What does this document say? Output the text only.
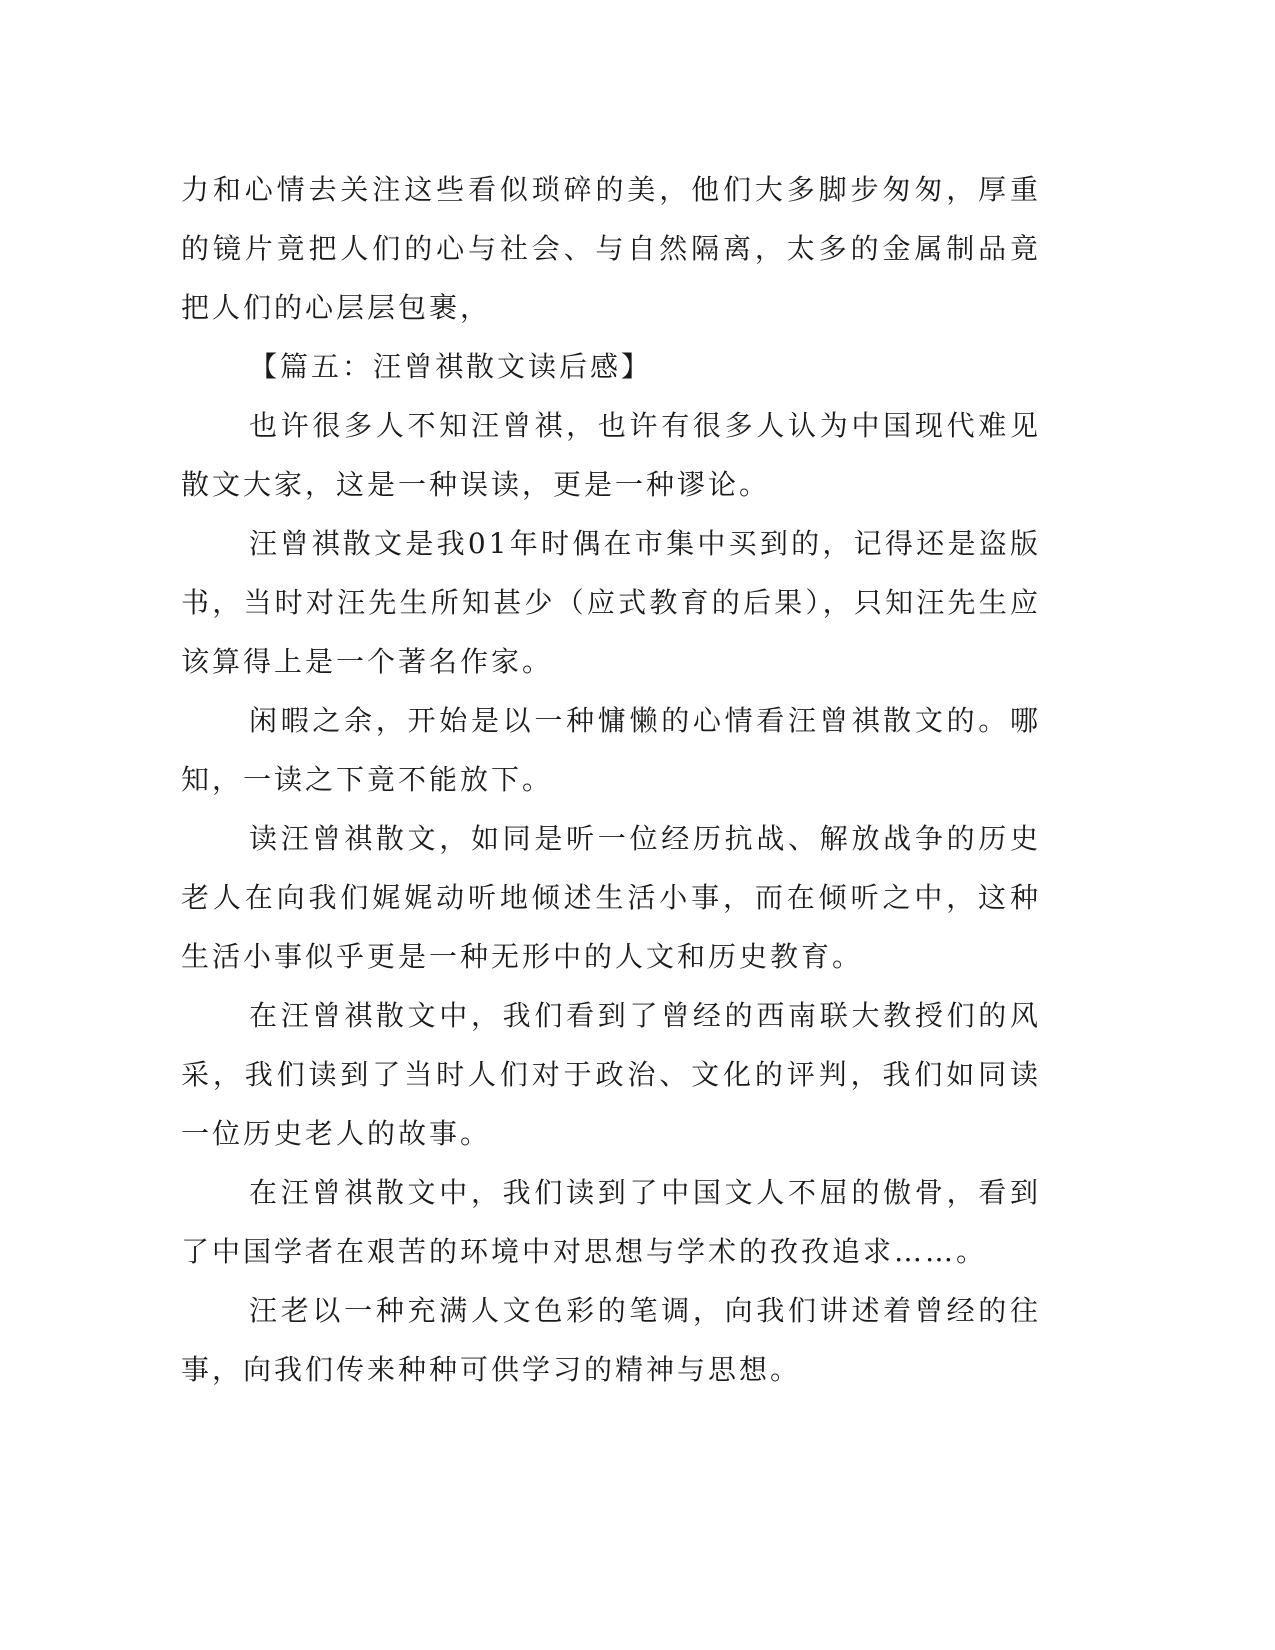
力和心情去关注这些看似琐碎的美，他们大多脚步匆匆，厚重的镜片竟把人们的心与社会、与自然隔离，太多的金属制品竟把人们的心层层包裹，

【篇五：汪曾祺散文读后感】

也许很多人不知汪曾祺，也许有很多人认为中国现代难见散文大家，这是一种误读，更是一种谬论。

汪曾祺散文是我01年时偶在市集中买到的，记得还是盗版书，当时对汪先生所知甚少（应式教育的后果），只知汪先生应该算得上是一个著名作家。

闲暇之余，开始是以一种慵懒的心情看汪曾祺散文的。哪知，一读之下竟不能放下。

读汪曾祺散文，如同是听一位经历抗战、解放战争的历史老人在向我们娓娓动听地倾述生活小事，而在倾听之中，这种生活小事似乎更是一种无形中的人文和历史教育。

在汪曾祺散文中，我们看到了曾经的西南联大教授们的风采，我们读到了当时人们对于政治、文化的评判，我们如同读一位历史老人的故事。

在汪曾祺散文中，我们读到了中国文人不屈的傲骨，看到了中国学者在艰苦的环境中对思想与学术的孜孜追求……。

汪老以一种充满人文色彩的笔调，向我们讲述着曾经的往事，向我们传来种种可供学习的精神与思想。
